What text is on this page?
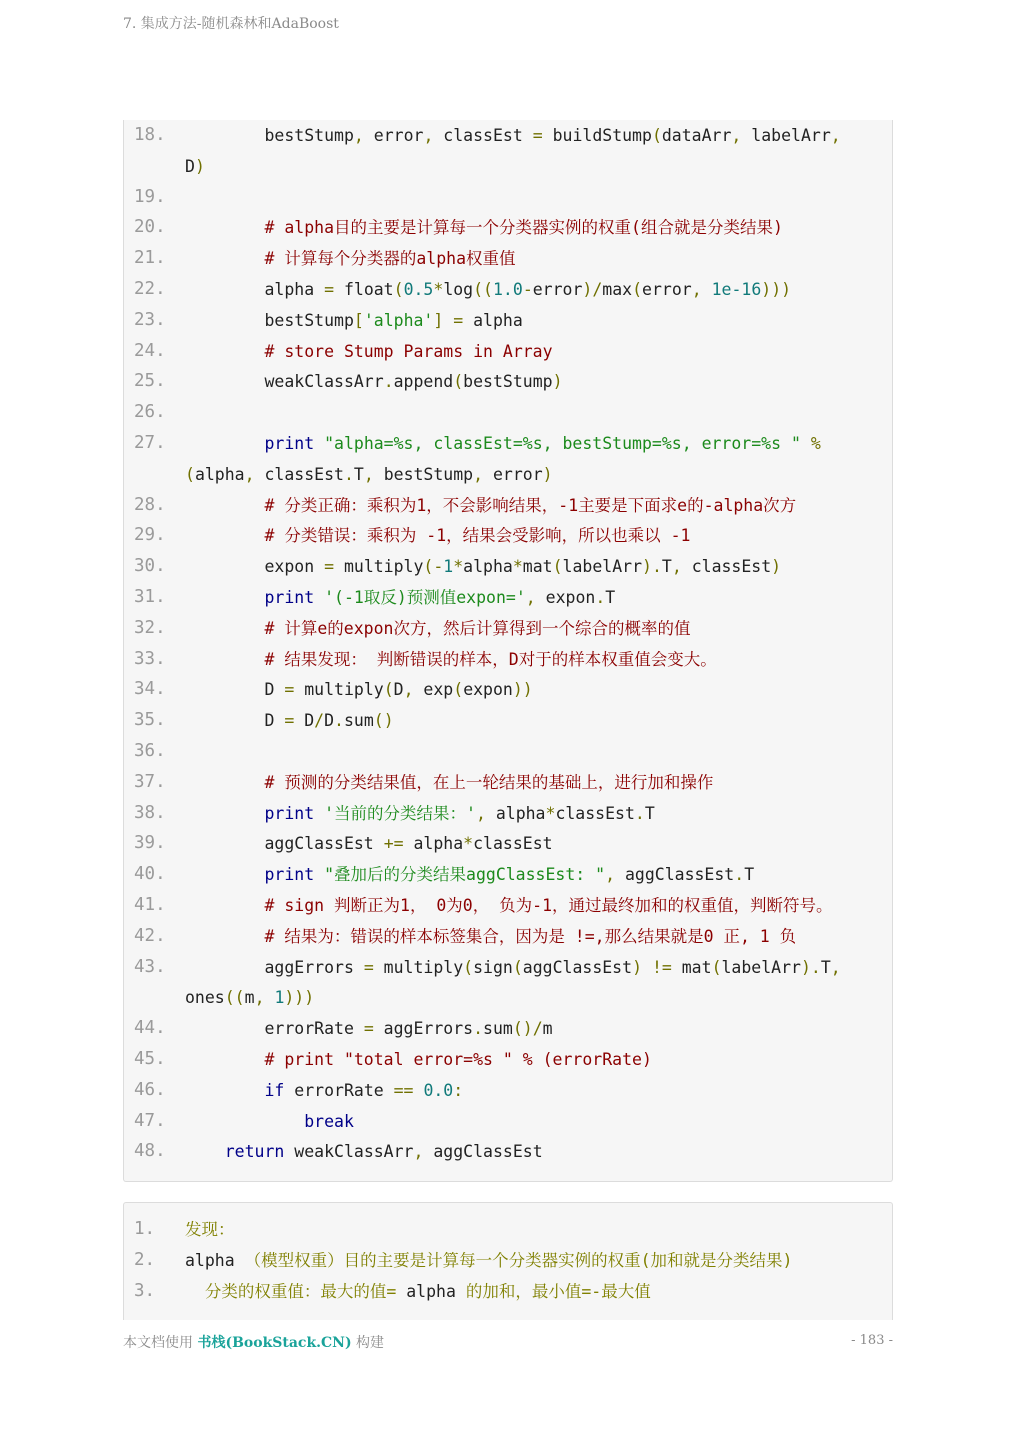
7. 集成方法-随机森林和AdaBoost
18.	bestStump, error, classEst = buildStump(dataArr, labelArr,
D)
19.
20.	# alpha目的主要是计算每一个分类器实例的权重(组合就是分类结果)
21.	# 计算每个分类器的alpha权重值
22.	alpha = float(0.5*log((1.0-error)/max(error, 1e-16)))
23.	bestStump['alpha'] = alpha
24.	# store Stump Params in Array
25.	weakClassArr.append(bestStump)
26.
27.	print "alpha=%s, classEst=%s, bestStump=%s, error=%s " %
(alpha, classEst.T, bestStump, error)
28.	# 分类正确：乘积为1，不会影响结果，-1主要是下面求e的-alpha次方
29.	# 分类错误：乘积为 -1，结果会受影响，所以也乘以 -1
30.	expon = multiply(-1*alpha*mat(labelArr).T, classEst)
31.	print '(-1取反)预测值expon=', expon.T
32.	# 计算e的expon次方，然后计算得到一个综合的概率的值
33.	# 结果发现： 判断错误的样本，D对于的样本权重值会变大。
34.	D = multiply(D, exp(expon))
35.	D = D/D.sum()
36.
37.	# 预测的分类结果值，在上一轮结果的基础上，进行加和操作
38.	print '当前的分类结果：', alpha*classEst.T
39.	aggClassEst += alpha*classEst
40.	print "叠加后的分类结果aggClassEst: ", aggClassEst.T
41.	# sign 判断正为1， 0为0， 负为-1，通过最终加和的权重值，判断符号。
42.	# 结果为：错误的样本标签集合，因为是 !=,那么结果就是0 正, 1 负
43.	aggErrors = multiply(sign(aggClassEst) != mat(labelArr).T,
ones((m, 1)))
44.	errorRate = aggErrors.sum()/m
45.	# print "total error=%s " % (errorRate)
46.	if errorRate == 0.0:
47.	break
48.	return weakClassArr, aggClassEst
1.	发现：
2.	alpha （模型权重）目的主要是计算每一个分类器实例的权重(加和就是分类结果)
3.	分类的权重值：最大的值= alpha 的加和，最小值=-最大值
本文档使用 书栈(BookStack.CN) 构建	- 183 -
